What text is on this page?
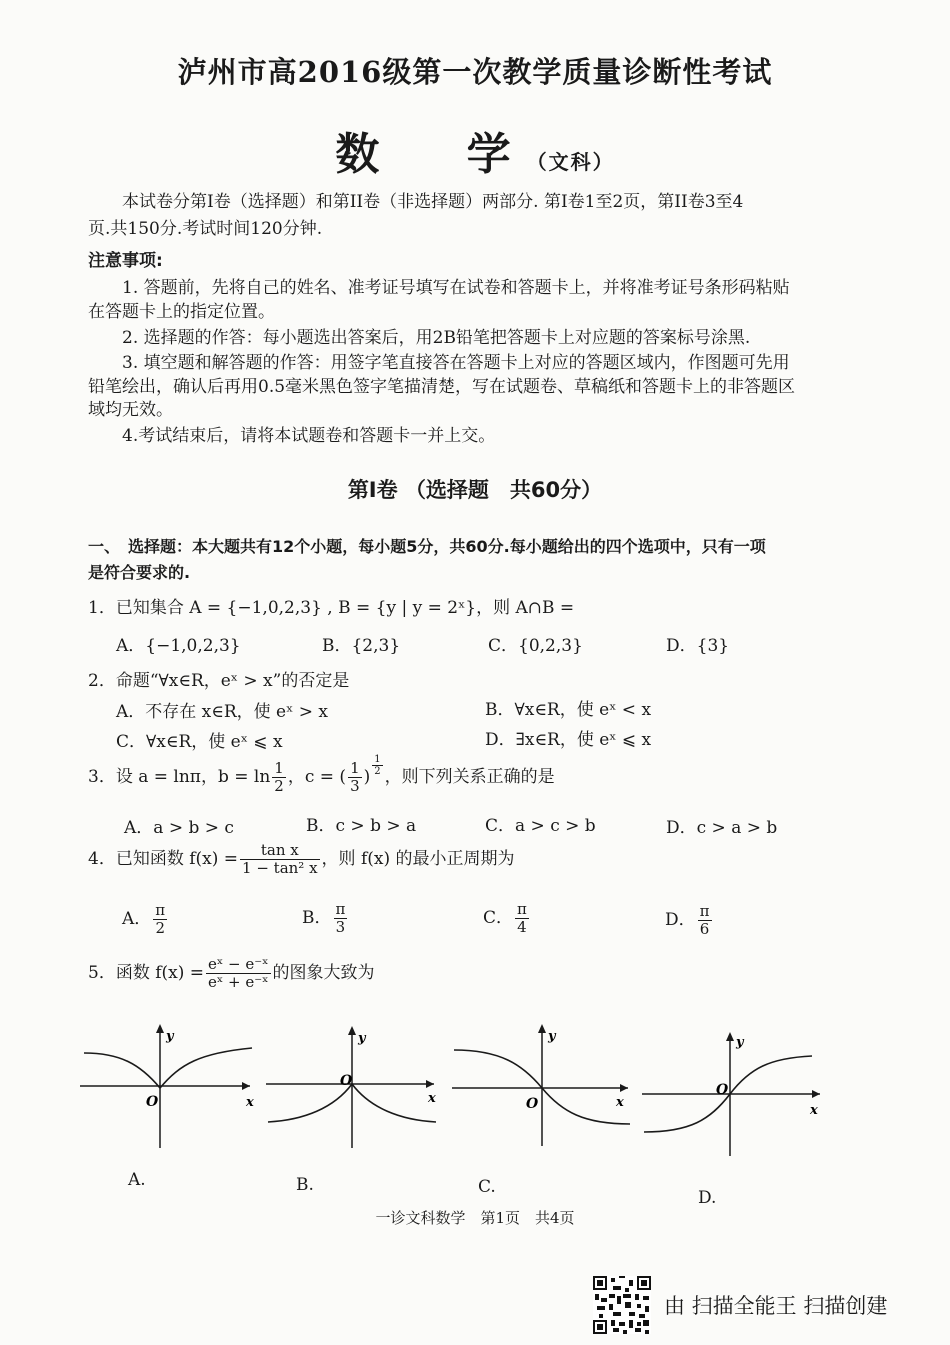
泸州市高2016级第一次教学质量诊断性考试
数 学（文科）
本试卷分第I卷（选择题）和第II卷（非选择题）两部分. 第I卷1至2页，第II卷3至4
页.共150分.考试时间120分钟.
注意事项:
1. 答题前，先将自己的姓名、准考证号填写在试卷和答题卡上，并将准考证号条形码粘贴
在答题卡上的指定位置。
2. 选择题的作答：每小题选出答案后，用2B铅笔把答题卡上对应题的答案标号涂黑.
3. 填空题和解答题的作答：用签字笔直接答在答题卡上对应的答题区域内，作图题可先用
铅笔绘出，确认后再用0.5毫米黑色签字笔描清楚，写在试题卷、草稿纸和答题卡上的非答题区
域均无效。
4.考试结束后，请将本试题卷和答题卡一并上交。
第I卷 （选择题　共60分）
一、　选择题：本大题共有12个小题，每小题5分，共60分.每小题给出的四个选项中，只有一项
是符合要求的.
1．已知集合 A = {−1,0,2,3} , B = {y | y = 2ˣ}，则 A∩B =
A．{−1,0,2,3}	B．{2,3}	C．{0,2,3}	D．{3}
2．命题“∀x∈R，eˣ > x”的否定是
A．不存在 x∈R，使 eˣ > x	B．∀x∈R，使 eˣ < x
C．∀x∈R，使 eˣ ⩽ x	D．∃x∈R，使 eˣ ⩽ x
3．设 a = lnπ，$b = \ln \frac{1}{2}$ ，c = ( $\frac{1}{3}$ ) $\frac{1}{2}$ ，则下列关系正确的是
A．a > b > c	B．c > b > a	C．a > c > b	D．c > a > b
4．已知函数 $f(x) = \frac{\text{tan x}}{\text{1 − tan² x}}$ ，则 f(x) 的最小正周期为
A． $\frac{\pi}{2}$	B． $\frac{\pi}{3}$	C． $\frac{\pi}{4}$	D． $\frac{\pi}{6}$
5．函数 $f(x) = \frac{\text{eˣ − e⁻ˣ}}{\text{eˣ + e⁻ˣ}}$ 的图象大致为
y
x
O
A.
y
x
O
B.
y
x
O
C.
y
x
O
D.
一诊文科数学　第1页　共4页
由 扫描全能王 扫描创建
